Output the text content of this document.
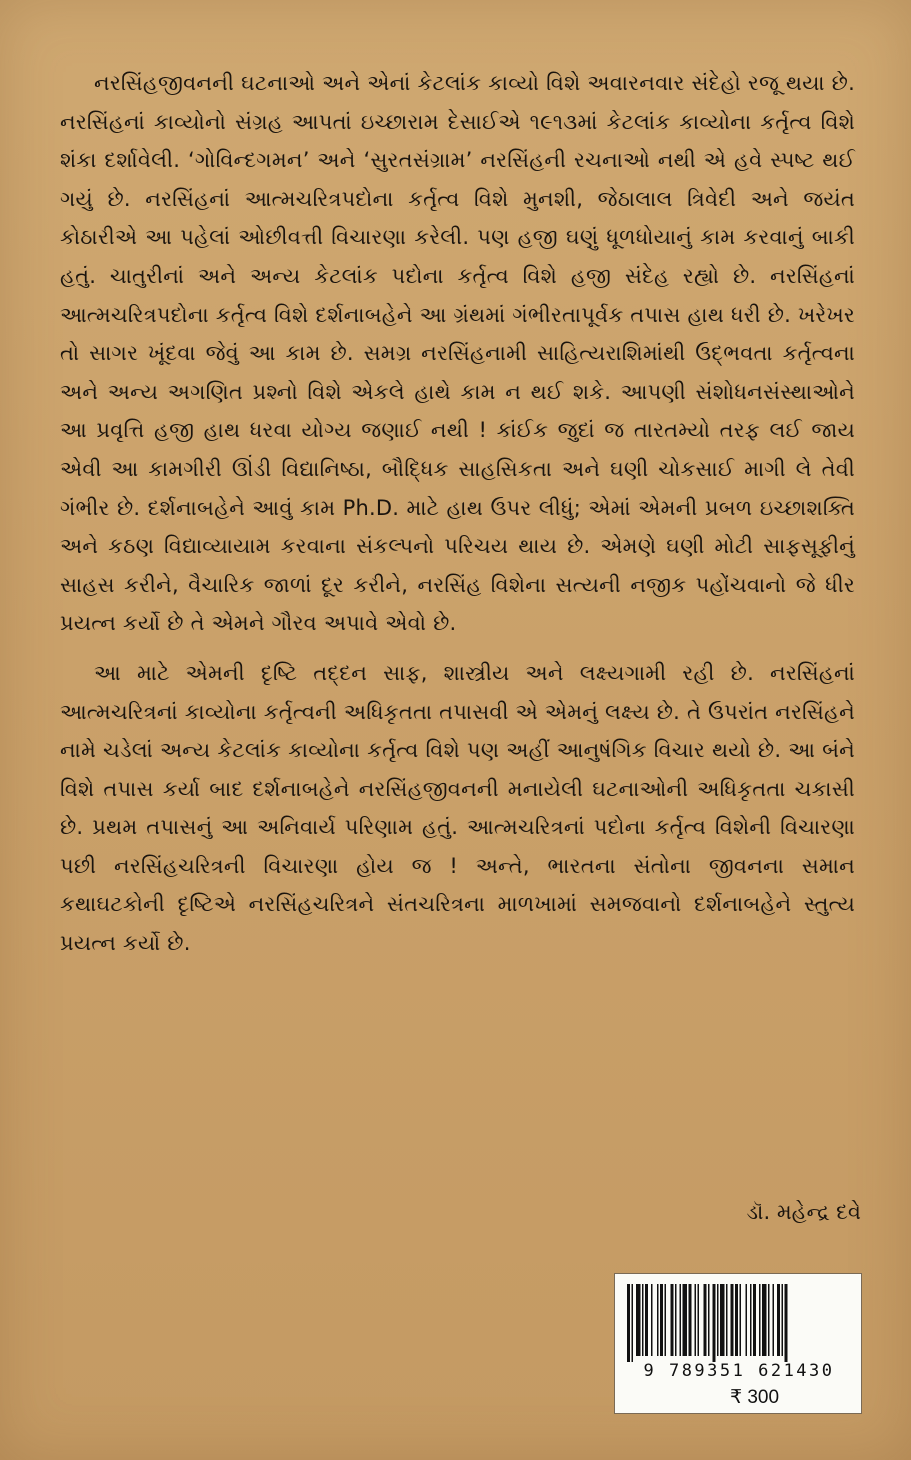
નરસિંહજીવનની ઘટનાઓ અને એનાં કેટલાંક કાવ્યો વિશે અવારનવાર સંદેહો રજૂ થયા છે. નરસિંહનાં કાવ્યોનો સંગ્રહ આપતાં ઇચ્છારામ દેસાઈએ ૧૯૧૩માં કેટલાંક કાવ્યોના કર્તૃત્વ વિશે શંકા દર્શાવેલી. ‘ગોવિન્દગમન’ અને ‘સુરતસંગ્રામ’ નરસિંહની રચનાઓ નથી એ હવે સ્પષ્ટ થઈ ગયું છે. નરસિંહનાં આત્મચરિત્રપદોના કર્તૃત્વ વિશે મુનશી, જેઠાલાલ ત્રિવેદી અને જયંત કોઠારીએ આ પહેલાં ઓછીવત્તી વિચારણા કરેલી. પણ હજી ઘણું ધૂળધોયાનું કામ કરવાનું બાકી હતું. ચાતુરીનાં અને અન્ય કેટલાંક પદોના કર્તૃત્વ વિશે હજી સંદેહ રહ્યો છે. નરસિંહનાં આત્મચરિત્રપદોના કર્તૃત્વ વિશે દર્શનાબહેને આ ગ્રંથમાં ગંભીરતાપૂર્વક તપાસ હાથ ધરી છે. ખરેખર તો સાગર ખૂંદવા જેવું આ કામ છે. સમગ્ર નરસિંહનામી સાહિત્યરાશિમાંથી ઉદ્‌ભવતા કર્તૃત્વના અને અન્ય અગણિત પ્રશ્નો વિશે એકલે હાથે કામ ન થઈ શકે. આપણી સંશોધનસંસ્થાઓને આ પ્રવૃત્તિ હજી હાથ ધરવા યોગ્ય જણાઈ નથી ! કાંઈક જુદાં જ તારતમ્યો તરફ લઈ જાય એવી આ કામગીરી ઊંડી વિદ્યાનિષ્ઠા, બૌદ્ધિક સાહસિકતા અને ઘણી ચોકસાઈ માગી લે તેવી ગંભીર છે. દર્શનાબહેને આવું કામ Ph.D. માટે હાથ ઉપર લીધું; એમાં એમની પ્રબળ ઇચ્છાશક્તિ અને કઠણ વિદ્યાવ્યાયામ કરવાના સંકલ્પનો પરિચય થાય છે. એમણે ઘણી મોટી સાફસૂફીનું સાહસ કરીને, વૈચારિક જાળાં દૂર કરીને, નરસિંહ વિશેના સત્યની નજીક પહોંચવાનો જે ધીર પ્રયત્ન કર્યો છે તે એમને ગૌરવ અપાવે એવો છે.

આ માટે એમની દૃષ્ટિ તદ્દન સાફ, શાસ્ત્રીય અને લક્ષ્યગામી રહી છે. નરસિંહનાં આત્મચરિત્રનાં કાવ્યોના કર્તૃત્વની અધિકૃતતા તપાસવી એ એમનું લક્ષ્ય છે. તે ઉપરાંત નરસિંહને નામે ચડેલાં અન્ય કેટલાંક કાવ્યોના કર્તૃત્વ વિશે પણ અહીં આનુષંગિક વિચાર થયો છે. આ બંને વિશે તપાસ કર્યા બાદ દર્શનાબહેને નરસિંહજીવનની મનાયેલી ઘટનાઓની અધિકૃતતા ચકાસી છે. પ્રથમ તપાસનું આ અનિવાર્ય પરિણામ હતું. આત્મચરિત્રનાં પદોના કર્તૃત્વ વિશેની વિચારણા પછી નરસિંહચરિત્રની વિચારણા હોય જ ! અન્તે, ભારતના સંતોના જીવનના સમાન કથાઘટકોની દૃષ્ટિએ નરસિંહચરિત્રને સંતચરિત્રના માળખામાં સમજવાનો દર્શનાબહેને સ્તુત્ય પ્રયત્ન કર્યો છે.

ડૉ. મહેન્દ્ર દવે
9 789351 621430
₹ 300
